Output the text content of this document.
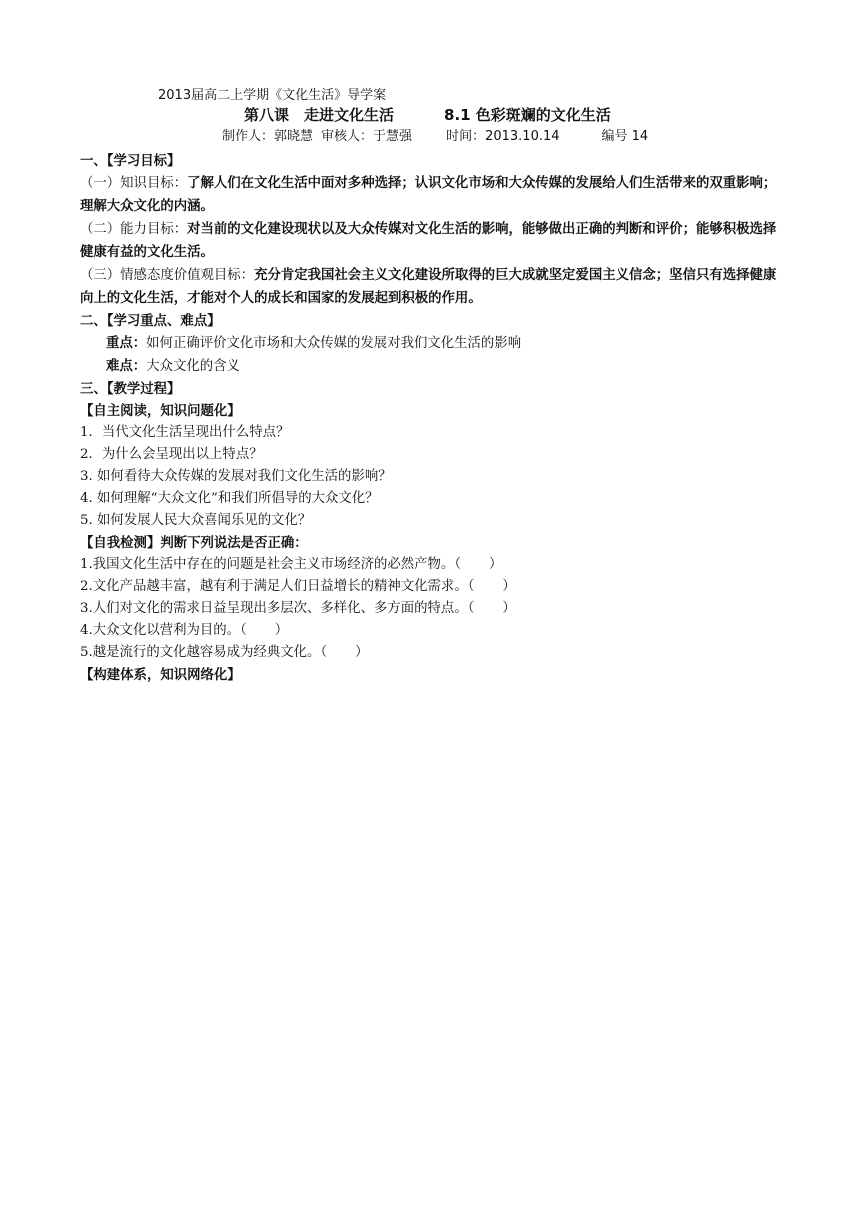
2013届高二上学期《文化生活》导学案
第八课　走进文化生活	8.1 色彩斑斓的文化生活
制作人：郭晓慧 审核人：于慧强	时间：2013.10.14	编号 14
一、【学习目标】
（一）知识目标：了解人们在文化生活中面对多种选择；认识文化市场和大众传媒的发展给人们生活带来的双重影响；理解大众文化的内涵。
（二）能力目标：对当前的文化建设现状以及大众传媒对文化生活的影响，能够做出正确的判断和评价；能够积极选择健康有益的文化生活。
（三）情感态度价值观目标：充分肯定我国社会主义文化建设所取得的巨大成就坚定爱国主义信念；坚信只有选择健康向上的文化生活，才能对个人的成长和国家的发展起到积极的作用。
二、【学习重点、难点】
重点：如何正确评价文化市场和大众传媒的发展对我们文化生活的影响
难点：大众文化的含义
三、【教学过程】
【自主阅读，知识问题化】
1．当代文化生活呈现出什么特点？
2．为什么会呈现出以上特点？
3. 如何看待大众传媒的发展对我们文化生活的影响？
4. 如何理解“大众文化”和我们所倡导的大众文化？
5. 如何发展人民大众喜闻乐见的文化？
【自我检测】判断下列说法是否正确：
1.我国文化生活中存在的问题是社会主义市场经济的必然产物。（ ）
2.文化产品越丰富，越有利于满足人们日益增长的精神文化需求。（ ）
3.人们对文化的需求日益呈现出多层次、多样化、多方面的特点。（ ）
4.大众文化以营利为目的。（ ）
5.越是流行的文化越容易成为经典文化。（ ）
【构建体系，知识网络化】
